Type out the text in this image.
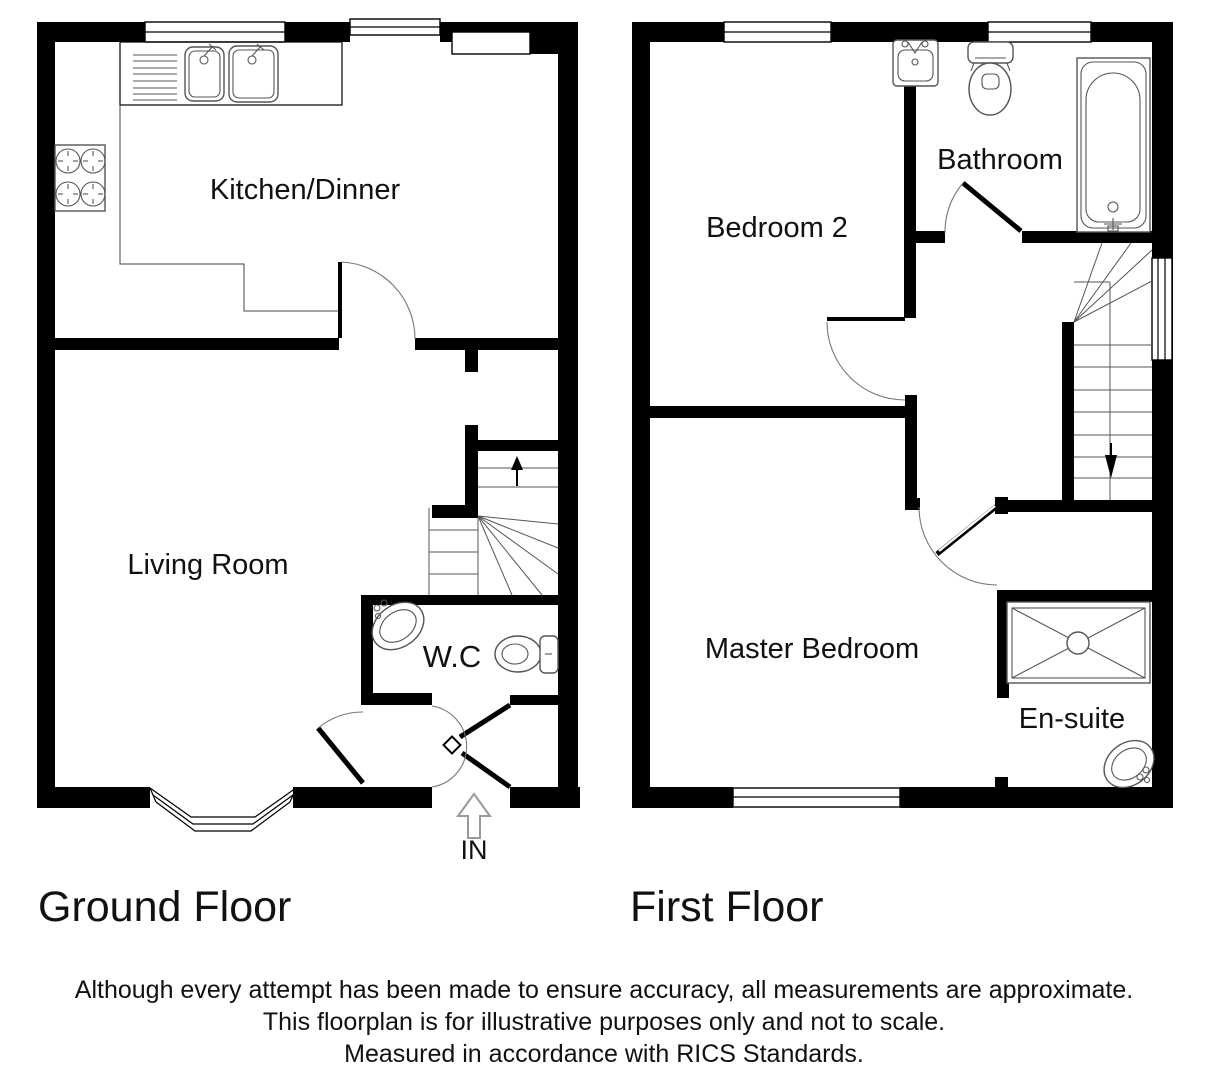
Kitchen/Dinner
Living Room
W.C
IN
Ground Floor
Bedroom 2
Bathroom
Master Bedroom
En-suite
First Floor
Although every attempt has been made to ensure accuracy, all measurements are approximate.
This floorplan is for illustrative purposes only and not to scale.
Measured in accordance with RICS Standards.
